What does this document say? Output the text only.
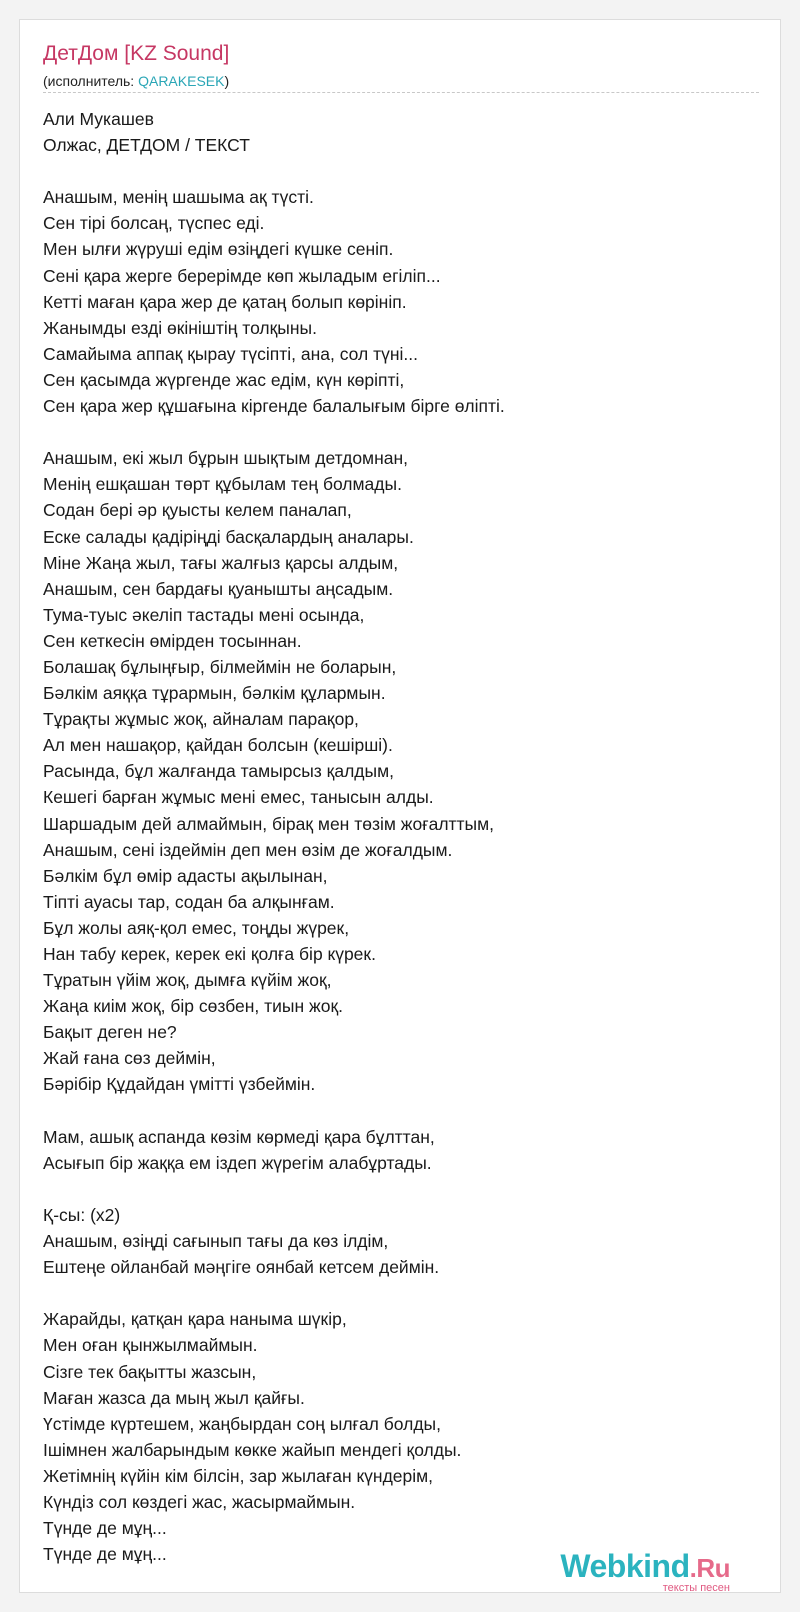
ДетДом [KZ Sound]
(исполнитель: QARAKESEK)
Али Мукашев
Олжас, ДЕТДОМ / ТЕКСТ
Анашым, менің шашыма ақ түсті.
Сен тірі болсаң, түспес еді.
Мен ылғи жүруші едім өзіңдегі күшке сеніп.
Сені қара жерге берерімде көп жыладым егіліп...
Кетті маған қара жер де қатаң болып көрініп.
Жанымды езді өкініштің толқыны.
Самайыма аппақ қырау түсіпті, ана, сол түні...
Сен қасымда жүргенде жас едім, күн көріпті,
Сен қара жер құшағына кіргенде балалығым бірге өліпті.
Анашым, екі жыл бұрын шықтым детдомнан,
Менің ешқашан төрт құбылам тең болмады.
Содан бері әр қуысты келем паналап,
Еске салады қадіріңді басқалардың аналары.
Міне Жаңа жыл, тағы жалғыз қарсы алдым,
Анашым, сен бардағы қуанышты аңсадым.
Тума-туыс әкеліп тастады мені осында,
Сен кеткесін өмірден тосыннан.
Болашақ бұлыңғыр, білмеймін не боларын,
Бәлкім аяққа тұрармын, бәлкім құлармын.
Тұрақты жұмыс жоқ, айналам парақор,
Ал мен нашақор, қайдан болсын (кешірші).
Расында, бұл жалғанда тамырсыз қалдым,
Кешегі барған жұмыс мені емес, танысын алды.
Шаршадым дей алмаймын, бірақ мен төзім жоғалттым,
Анашым, сені іздеймін деп мен өзім де жоғалдым.
Бәлкім бұл өмір адасты ақылынан,
Тіпті ауасы тар, содан ба алқынғам.
Бұл жолы аяқ-қол емес, тоңды жүрек,
Нан табу керек, керек екі қолға бір күрек.
Тұратын үйім жоқ, дымға күйім жоқ,
Жаңа киім жоқ, бір сөзбен, тиын жоқ.
Бақыт деген не?
Жай ғана сөз деймін,
Бәрібір Құдайдан үмітті үзбеймін.
Мам, ашық аспанда көзім көрмеді қара бұлттан,
Асығып бір жаққа ем іздеп жүрегім алабұртады.
Қ-сы: (х2)
Анашым, өзіңді сағынып тағы да көз ілдім,
Ештеңе ойланбай мәңгіге оянбай кетсем деймін.
Жарайды, қатқан қара наныма шүкір,
Мен оған қынжылмаймын.
Сізге тек бақытты жазсын,
Маған жазса да мың жыл қайғы.
Үстімде күртешем, жаңбырдан соң ылғал болды,
Ішімнен жалбарындым көкке жайып мендегі қолды.
Жетімнің күйін кім білсін, зар жылаған күндерім,
Күндіз сол көздегі жас, жасырмаймын.
Түнде де мұң...
Түнде де мұң...	Webkind.Ru
тексты песен
